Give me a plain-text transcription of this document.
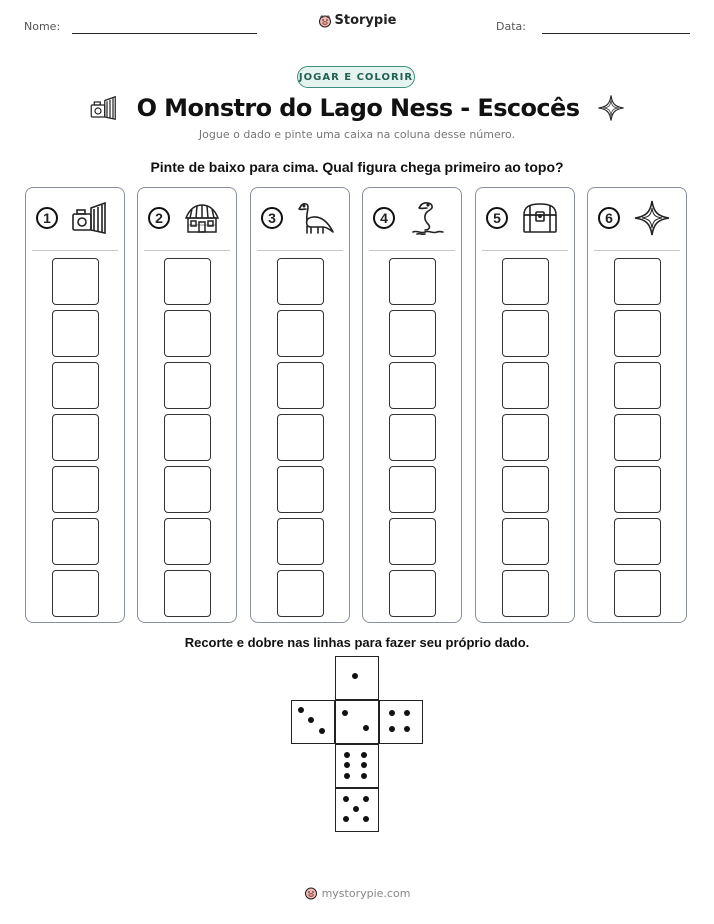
Nome:	Storypie	Data:
JOGAR E COLORIR
O Monstro do Lago Ness - Escocês
Jogue o dado e pinte uma caixa na coluna desse número.
Pinte de baixo para cima. Qual figura chega primeiro ao topo?
1	2	3	4	5	6
Recorte e dobre nas linhas para fazer seu próprio dado.
mystorypie.com
